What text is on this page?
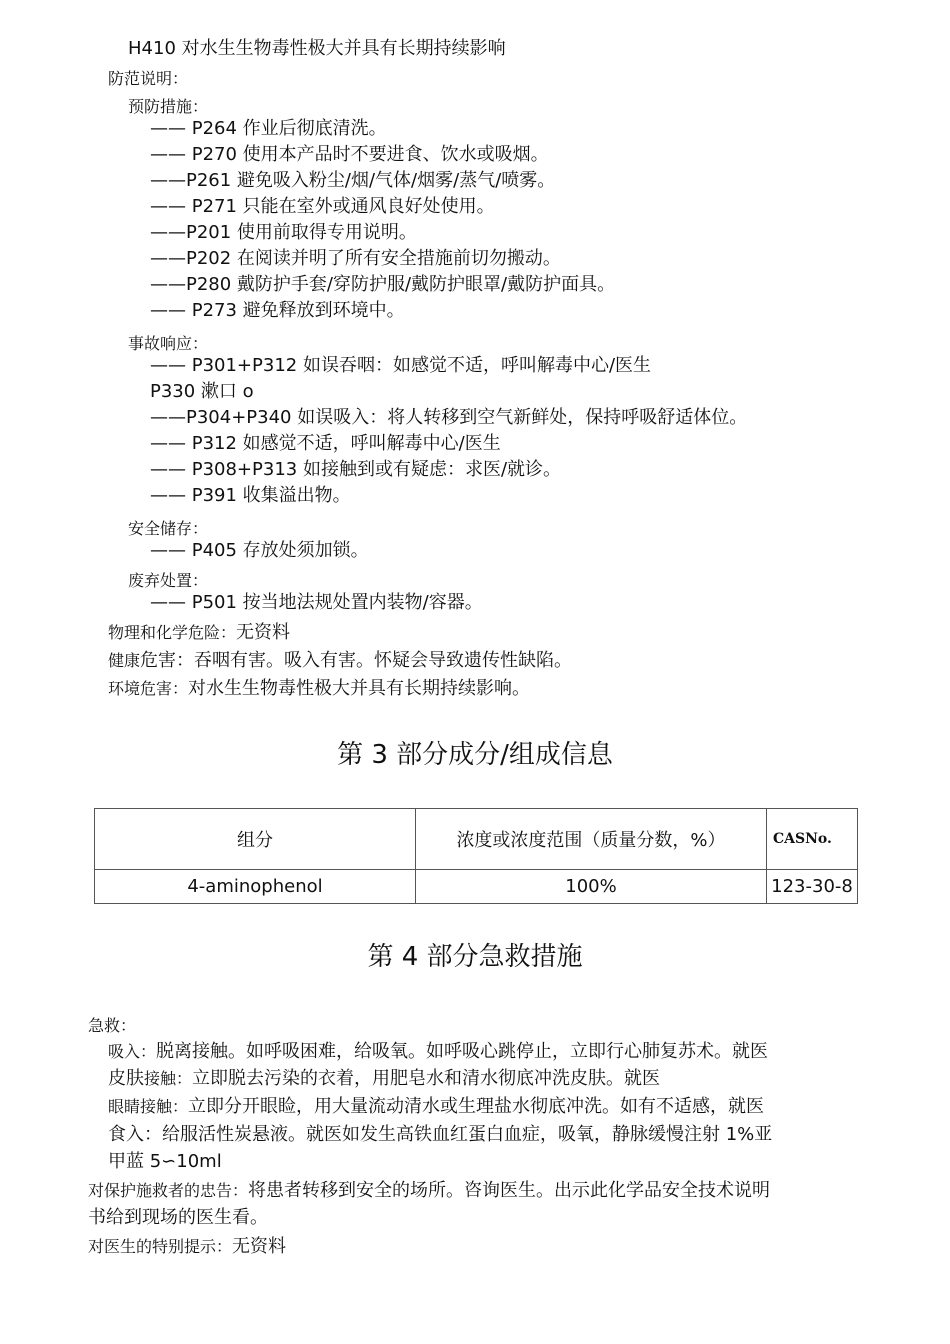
H410 对水生生物毒性极大并具有长期持续影响
防范说明：
预防措施：
—— P264 作业后彻底清洗。
—— P270 使用本产品时不要进食、饮水或吸烟。
——P261 避免吸入粉尘/烟/气体/烟雾/蒸气/喷雾。
—— P271 只能在室外或通风良好处使用。
——P201 使用前取得专用说明。
——P202 在阅读并明了所有安全措施前切勿搬动。
——P280 戴防护手套/穿防护服/戴防护眼罩/戴防护面具。
—— P273 避免释放到环境中。
事故响应：
—— P301+P312 如误吞咽：如感觉不适，呼叫解毒中心/医生
P330 漱口 o
——P304+P340 如误吸入：将人转移到空气新鲜处，保持呼吸舒适体位。
—— P312 如感觉不适，呼叫解毒中心/医生
—— P308+P313 如接触到或有疑虑：求医/就诊。
—— P391 收集溢出物。
安全储存：
—— P405 存放处须加锁。
废弃处置：
—— P501 按当地法规处置内装物/容器。
物理和化学危险：无资料
健康危害：吞咽有害。吸入有害。怀疑会导致遗传性缺陷。
环境危害：对水生生物毒性极大并具有长期持续影响。
第 3 部分成分/组成信息
组分	浓度或浓度范围（质量分数，%）	CASNo.
4-aminophenol	100%	123-30-8
第 4 部分急救措施
急救：
吸入：脱离接触。如呼吸困难，给吸氧。如呼吸心跳停止，立即行心肺复苏术。就医
皮肤接触：立即脱去污染的衣着，用肥皂水和清水彻底冲洗皮肤。就医
眼睛接触：立即分开眼睑，用大量流动清水或生理盐水彻底冲洗。如有不适感，就医
食入：给服活性炭悬液。就医如发生高铁血红蛋白血症，吸氧，静脉缓慢注射 1%亚
甲蓝 5∽10ml
对保护施救者的忠告：将患者转移到安全的场所。咨询医生。出示此化学品安全技术说明
书给到现场的医生看。
对医生的特别提示：无资料
